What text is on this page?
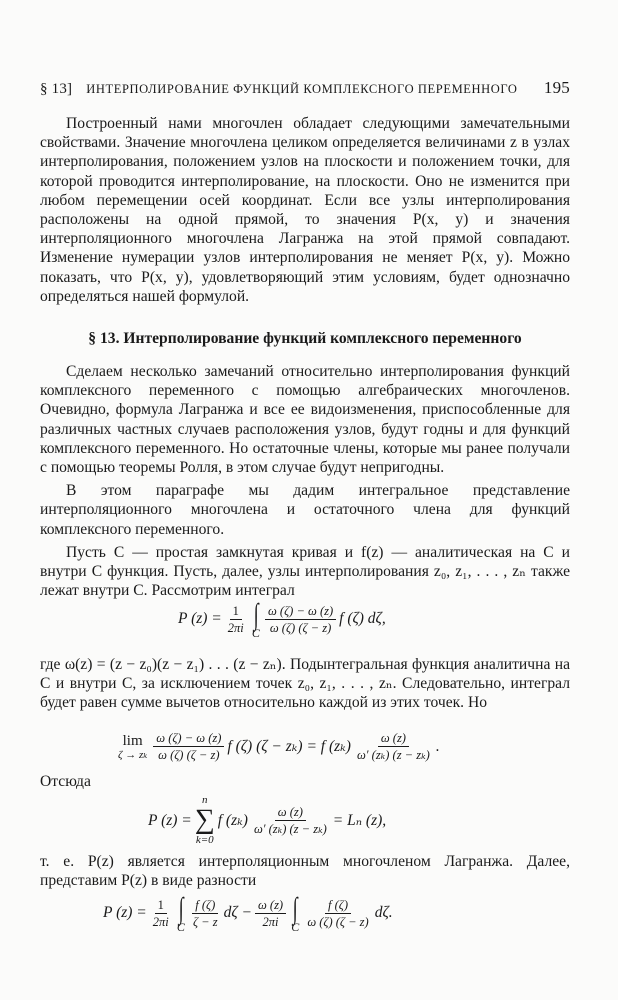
§ 13] ИНТЕРПОЛИРОВАНИЕ ФУНКЦИЙ КОМПЛЕКСНОГО ПЕРЕМЕННОГО 195

Построенный нами многочлен обладает следующими замечательными свойствами. Значение многочлена целиком определяется величинами z в узлах интерполирования, положением узлов на плоскости и положением точки, для которой проводится интерполирование, на плоскости. Оно не изменится при любом перемещении осей координат. Если все узлы интерполирования расположены на одной прямой, то значения P(x, y) и значения интерполяционного многочлена Лагранжа на этой прямой совпадают. Изменение нумерации узлов интерполирования не меняет P(x, y). Можно показать, что P(x, y), удовлетворяющий этим условиям, будет однозначно определяться нашей формулой.

§ 13. Интерполирование функций комплексного переменного

Сделаем несколько замечаний относительно интерполирования функций комплексного переменного с помощью алгебраических многочленов. Очевидно, формула Лагранжа и все ее видоизменения, приспособленные для различных частных случаев расположения узлов, будут годны и для функций комплексного переменного. Но остаточные члены, которые мы ранее получали с помощью теоремы Ролля, в этом случае будут непригодны.

В этом параграфе мы дадим интегральное представление интерполяционного многочлена и остаточного члена для функций комплексного переменного.

Пусть C — простая замкнутая кривая и f(z) — аналитическая на C и внутри C функция. Пусть, далее, узлы интерполирования z₀, z₁, . . . , zₙ также лежат внутри C. Рассмотрим интеграл

P $(z) = \frac{1}{2\pi i}$ ∫
C $\frac{\omega (\zeta) - \omega (z)}{\omega (\zeta) (\zeta - z)}$ f (ζ) dζ,

где ω(z) = (z − z₀)(z − z₁) . . . (z − zₙ). Подынтегральная функция аналитична на C и внутри C, за исключением точек z₀, z₁, . . . , zₙ. Следовательно, интеграл будет равен сумме вычетов относительно каждой из этих точек. Но

lim
ζ → zₖ $\frac{\omega (\zeta) - \omega (z)}{\omega (\zeta) (\zeta - z)}$ f (ζ) (ζ − zₖ) = f $(z_k) \frac{\omega (z)}{\text{ω′ (zₖ) (z − zₖ)}}$ .

Отсюда

P (z) =
n
∑
k=0
f $(z_k) \frac{\omega (z)}{\text{ω′ (zₖ) (z − zₖ)}} = L_n$ (z),

т. е. P(z) является интерполяционным многочленом Лагранжа. Далее, представим P(z) в виде разности

P $(z) = \frac{1}{2\pi i}$ ∫
C $\frac{f (\zeta)}{\zeta - z}$ $d\zeta - \frac{\omega (z)}{2\pi i}$ ∫
C $\frac{f (\zeta)}{\omega (\zeta) (\zeta - z)} d\zeta$.
